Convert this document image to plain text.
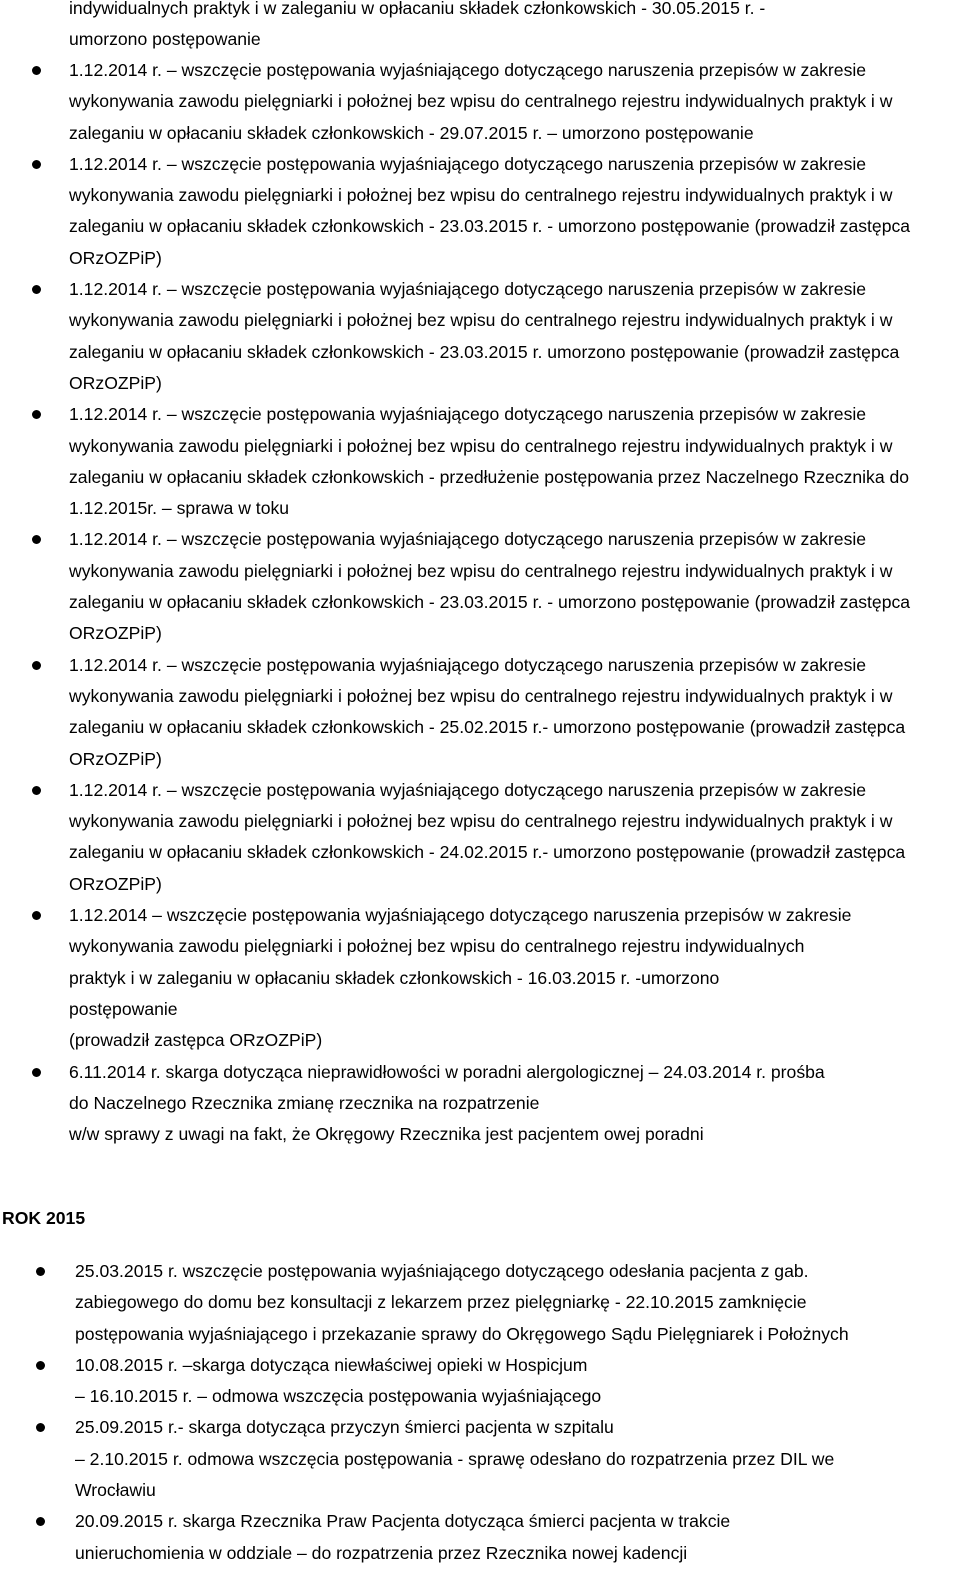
indywidualnych praktyk i w zaleganiu w opłacaniu składek członkowskich - 30.05.2015 r. -
umorzono postępowanie
1.12.2014 r. – wszczęcie postępowania wyjaśniającego dotyczącego naruszenia przepisów w zakresie wykonywania zawodu pielęgniarki i położnej bez wpisu do centralnego rejestru indywidualnych praktyk i w zaleganiu w opłacaniu składek członkowskich - 29.07.2015 r. – umorzono postępowanie
1.12.2014 r. – wszczęcie postępowania wyjaśniającego dotyczącego naruszenia przepisów w zakresie wykonywania zawodu pielęgniarki i położnej bez wpisu do centralnego rejestru indywidualnych praktyk i w zaleganiu w opłacaniu składek członkowskich - 23.03.2015 r. - umorzono postępowanie (prowadził zastępca ORzOZPiP)
1.12.2014 r. – wszczęcie postępowania wyjaśniającego dotyczącego naruszenia przepisów w zakresie wykonywania zawodu pielęgniarki i położnej bez wpisu do centralnego rejestru indywidualnych praktyk i w zaleganiu w opłacaniu składek członkowskich - 23.03.2015 r. umorzono postępowanie (prowadził zastępca ORzOZPiP)
1.12.2014 r. – wszczęcie postępowania wyjaśniającego dotyczącego naruszenia przepisów w zakresie wykonywania zawodu pielęgniarki i położnej bez wpisu do centralnego rejestru indywidualnych praktyk i w zaleganiu w opłacaniu składek członkowskich - przedłużenie postępowania przez Naczelnego Rzecznika do 1.12.2015r. – sprawa w toku
1.12.2014 r. – wszczęcie postępowania wyjaśniającego dotyczącego naruszenia przepisów w zakresie wykonywania zawodu pielęgniarki i położnej bez wpisu do centralnego rejestru indywidualnych praktyk i w zaleganiu w opłacaniu składek członkowskich - 23.03.2015 r. - umorzono postępowanie (prowadził zastępca ORzOZPiP)
1.12.2014 r. – wszczęcie postępowania wyjaśniającego dotyczącego naruszenia przepisów w zakresie wykonywania zawodu pielęgniarki i położnej bez wpisu do centralnego rejestru indywidualnych praktyk i w zaleganiu w opłacaniu składek członkowskich - 25.02.2015 r.- umorzono postępowanie (prowadził zastępca ORzOZPiP)
1.12.2014 r. – wszczęcie postępowania wyjaśniającego dotyczącego naruszenia przepisów w zakresie wykonywania zawodu pielęgniarki i położnej bez wpisu do centralnego rejestru indywidualnych praktyk i w zaleganiu w opłacaniu składek członkowskich - 24.02.2015 r.- umorzono postępowanie (prowadził zastępca ORzOZPiP)
1.12.2014 – wszczęcie postępowania wyjaśniającego dotyczącego naruszenia przepisów w zakresie
wykonywania zawodu pielęgniarki i położnej bez wpisu do centralnego rejestru indywidualnych
praktyk i w zaleganiu w opłacaniu składek członkowskich - 16.03.2015 r. -umorzono
postępowanie
(prowadził zastępca ORzOZPiP)
6.11.2014 r. skarga dotycząca nieprawidłowości w poradni alergologicznej – 24.03.2014 r. prośba
do Naczelnego Rzecznika zmianę rzecznika na rozpatrzenie
w/w sprawy z uwagi na fakt, że Okręgowy Rzecznika jest pacjentem owej poradni
ROK 2015
25.03.2015 r. wszczęcie postępowania wyjaśniającego dotyczącego odesłania pacjenta z gab.
zabiegowego do domu bez konsultacji z lekarzem przez pielęgniarkę - 22.10.2015 zamknięcie
postępowania wyjaśniającego i przekazanie sprawy do Okręgowego Sądu Pielęgniarek i Położnych
10.08.2015 r. –skarga dotycząca niewłaściwej opieki w Hospicjum
– 16.10.2015 r. – odmowa wszczęcia postępowania wyjaśniającego
25.09.2015 r.- skarga dotycząca przyczyn śmierci pacjenta w szpitalu
– 2.10.2015 r. odmowa wszczęcia postępowania - sprawę odesłano do rozpatrzenia przez DIL we
Wrocławiu
20.09.2015 r. skarga Rzecznika Praw Pacjenta dotycząca śmierci pacjenta w trakcie
unieruchomienia w oddziale – do rozpatrzenia przez Rzecznika nowej kadencji
